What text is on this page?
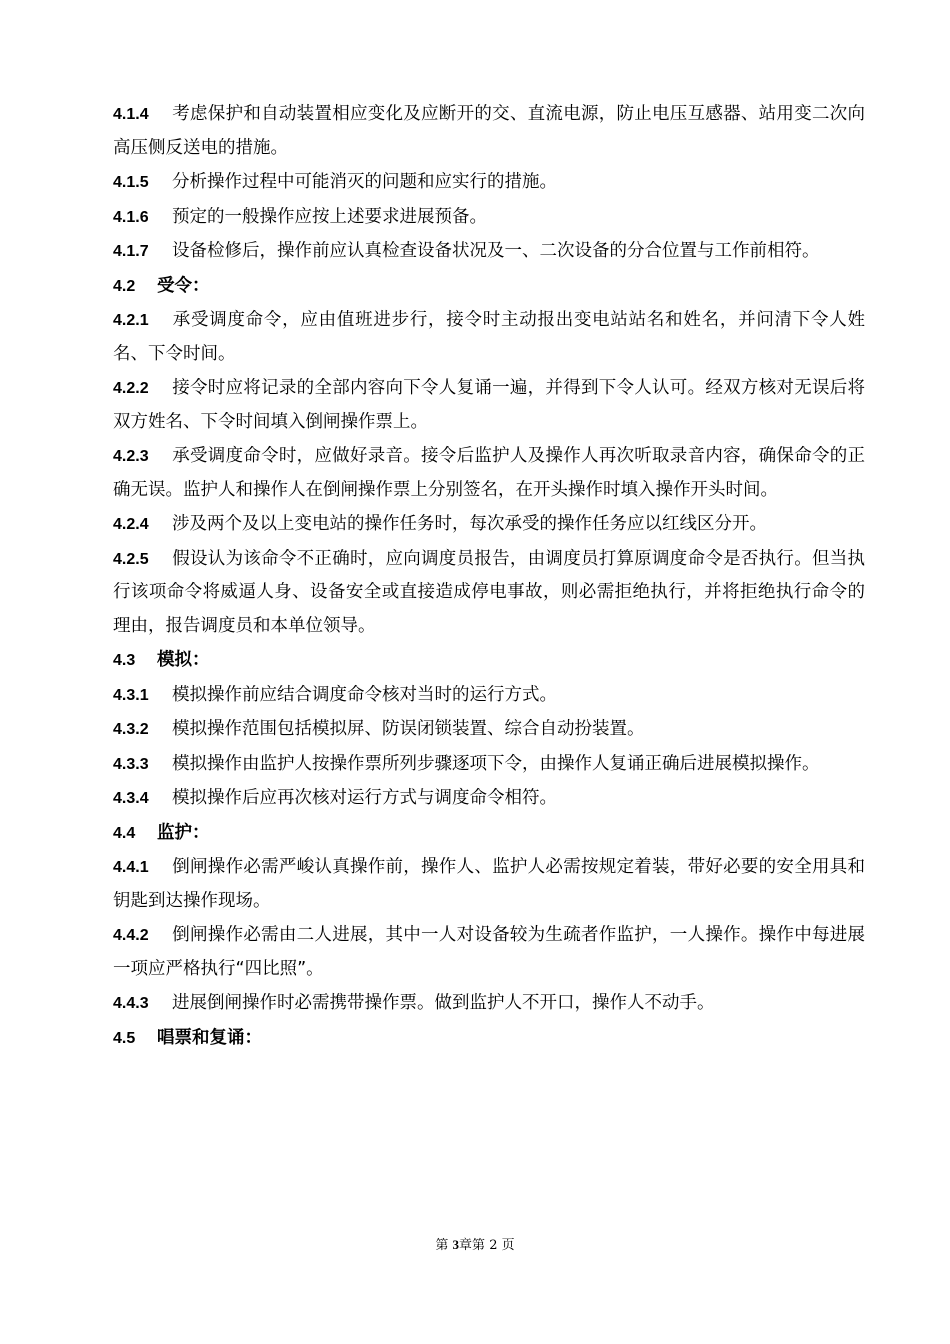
4.1.4 考虑保护和自动装置相应变化及应断开的交、直流电源，防止电压互感器、站用变二次向高压侧反送电的措施。
4.1.5 分析操作过程中可能消灭的问题和应实行的措施。
4.1.6 预定的一般操作应按上述要求进展预备。
4.1.7 设备检修后，操作前应认真检查设备状况及一、二次设备的分合位置与工作前相符。
4.2 受令：
4.2.1 承受调度命令，应由值班进步行，接令时主动报出变电站站名和姓名，并问清下令人姓名、下令时间。
4.2.2 接令时应将记录的全部内容向下令人复诵一遍，并得到下令人认可。经双方核对无误后将双方姓名、下令时间填入倒闸操作票上。
4.2.3 承受调度命令时，应做好录音。接令后监护人及操作人再次听取录音内容，确保命令的正确无误。监护人和操作人在倒闸操作票上分别签名，在开头操作时填入操作开头时间。
4.2.4 涉及两个及以上变电站的操作任务时，每次承受的操作任务应以红线区分开。
4.2.5 假设认为该命令不正确时，应向调度员报告，由调度员打算原调度命令是否执行。但当执行该项命令将威逼人身、设备安全或直接造成停电事故，则必需拒绝执行，并将拒绝执行命令的理由，报告调度员和本单位领导。
4.3 模拟：
4.3.1 模拟操作前应结合调度命令核对当时的运行方式。
4.3.2 模拟操作范围包括模拟屏、防误闭锁装置、综合自动扮装置。
4.3.3 模拟操作由监护人按操作票所列步骤逐项下令，由操作人复诵正确后进展模拟操作。
4.3.4 模拟操作后应再次核对运行方式与调度命令相符。
4.4 监护：
4.4.1 倒闸操作必需严峻认真操作前，操作人、监护人必需按规定着装，带好必要的安全用具和钥匙到达操作现场。
4.4.2 倒闸操作必需由二人进展，其中一人对设备较为生疏者作监护，一人操作。操作中每进展一项应严格执行“四比照”。
4.4.3 进展倒闸操作时必需携带操作票。做到监护人不开口，操作人不动手。
4.5 唱票和复诵：
第 3章第 2 页
